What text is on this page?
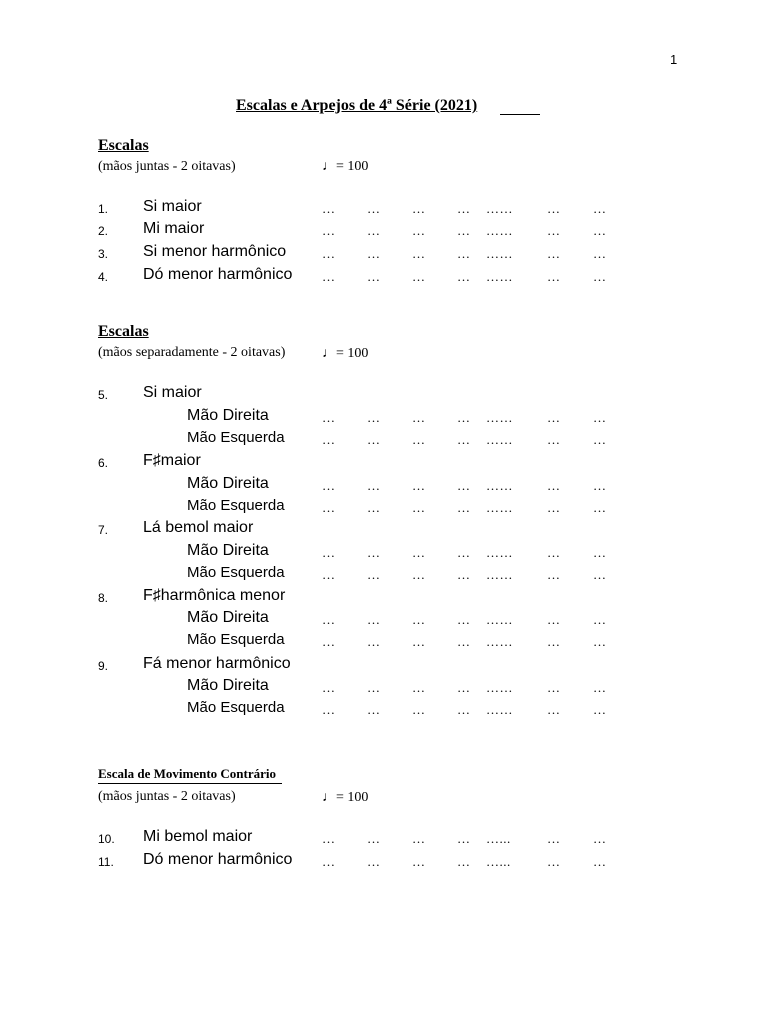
1
Escalas e Arpejos de 4ª Série (2021)
Escalas
(mãos juntas - 2 oitavas)	♩= 100
1. Si maior	… … … … ……	…	…
2. Mi maior	… … … … ……	…	…
3. Si menor harmônico	… … … … ……	…	…
4. Dó menor harmônico … … … … ……	…	…
Escalas
(mãos separadamente - 2 oitavas)	♩= 100
5. Si maior
Mão Direita	… … … … ……	…	…
Mão Esquerda	… … … … ……	…	…
6. F♯maior
Mão Direita	… … … … ……	…	…
Mão Esquerda	… … … … ……	…	…
7. Lá bemol maior
Mão Direita	… … … … ……	…	…
Mão Esquerda	… … … … ……	…	…
8. F♯harmônica menor
Mão Direita	… … … … ……	…	…
Mão Esquerda	… … … … ……	…	…
9. Fá menor harmônico
Mão Direita	… … … … ……	…	…
Mão Esquerda	… … … … ……	…	…
Escala de Movimento Contrário
(mãos juntas - 2 oitavas)	♩= 100
10. Mi bemol maior	… … … … …...	…	…
11. Dó menor harmônico … … … … …...	…	…
